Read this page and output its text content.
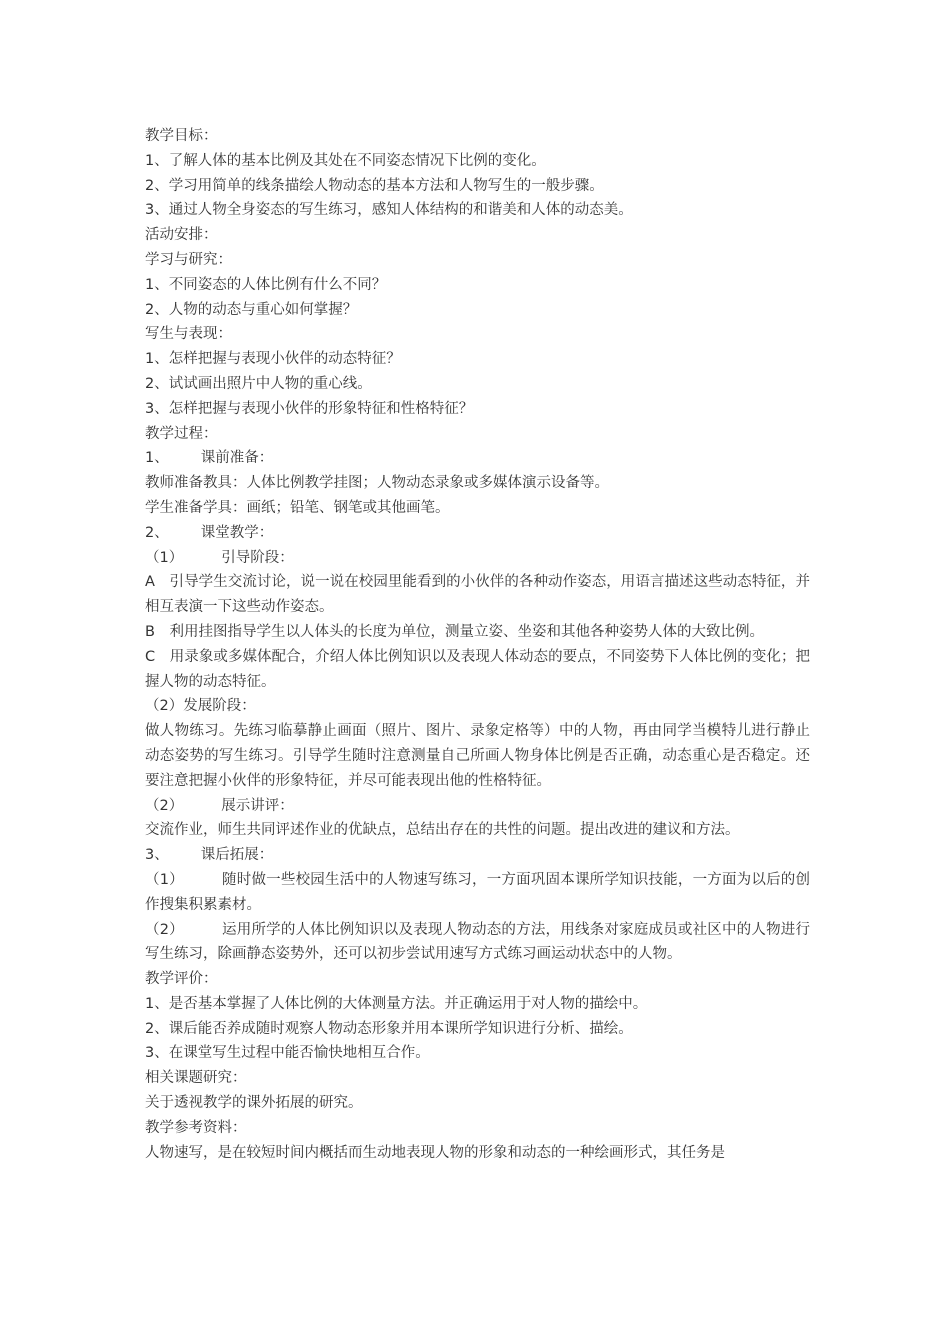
教学目标：
1、了解人体的基本比例及其处在不同姿态情况下比例的变化。
2、学习用简单的线条描绘人物动态的基本方法和人物写生的一般步骤。
3、通过人物全身姿态的写生练习，感知人体结构的和谐美和人体的动态美。
活动安排：
学习与研究：
1、不同姿态的人体比例有什么不同？
2、人物的动态与重心如何掌握？
写生与表现：
1、怎样把握与表现小伙伴的动态特征？
2、试试画出照片中人物的重心线。
3、怎样把握与表现小伙伴的形象特征和性格特征？
教学过程：
1、 课前准备：
教师准备教具：人体比例教学挂图；人物动态录象或多媒体演示设备等。
学生准备学具：画纸；铅笔、钢笔或其他画笔。
2、 课堂教学：
（1）	引导阶段：
A　引导学生交流讨论，说一说在校园里能看到的小伙伴的各种动作姿态，用语言描述这些动态特征，并相互表演一下这些动作姿态。
B　利用挂图指导学生以人体头的长度为单位，测量立姿、坐姿和其他各种姿势人体的大致比例。
C　用录象或多媒体配合，介绍人体比例知识以及表现人体动态的要点，不同姿势下人体比例的变化；把握人物的动态特征。
（2）发展阶段：
做人物练习。先练习临摹静止画面（照片、图片、录象定格等）中的人物，再由同学当模特儿进行静止动态姿势的写生练习。引导学生随时注意测量自己所画人物身体比例是否正确，动态重心是否稳定。还要注意把握小伙伴的形象特征，并尽可能表现出他的性格特征。
（2）	展示讲评：
交流作业，师生共同评述作业的优缺点，总结出存在的共性的问题。提出改进的建议和方法。
3、 课后拓展：
（1）	随时做一些校园生活中的人物速写练习，一方面巩固本课所学知识技能，一方面为以后的创作搜集积累素材。
（2）	运用所学的人体比例知识以及表现人物动态的方法，用线条对家庭成员或社区中的人物进行写生练习，除画静态姿势外，还可以初步尝试用速写方式练习画运动状态中的人物。
教学评价：
1、是否基本掌握了人体比例的大体测量方法。并正确运用于对人物的描绘中。
2、课后能否养成随时观察人物动态形象并用本课所学知识进行分析、描绘。
3、在课堂写生过程中能否愉快地相互合作。
相关课题研究：
关于透视教学的课外拓展的研究。
教学参考资料：
人物速写，是在较短时间内概括而生动地表现人物的形象和动态的一种绘画形式，其任务是
